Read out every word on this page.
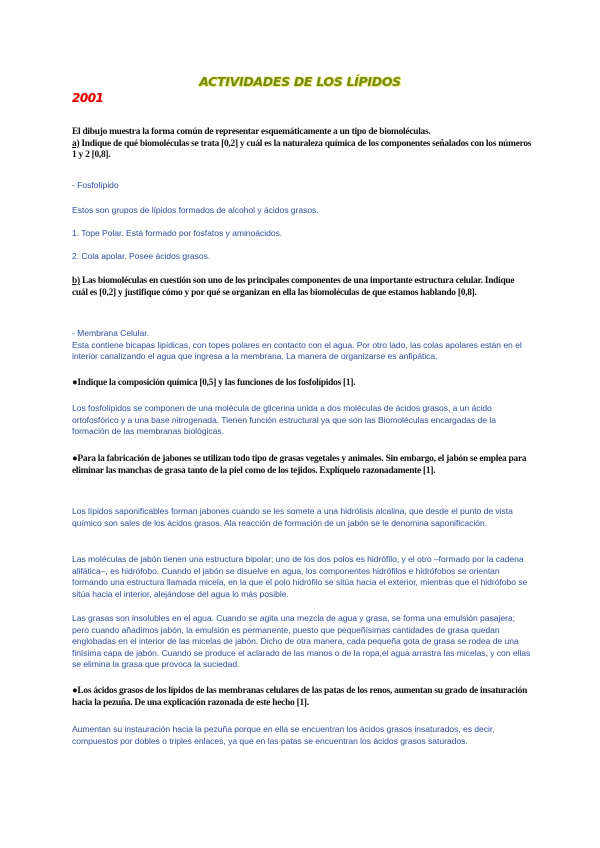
ACTIVIDADES DE LOS LÍPIDOS
2001

El dibujo muestra la forma común de representar esquemáticamente a un tipo de biomoléculas.
a) Indique de qué biomoléculas se trata [0,2] y cuál es la naturaleza química de los componentes señalados con los números 1 y 2 [0,8].

- Fosfolípido

Estos son grupos de lípidos formados de alcohol y ácidos grasos.

1. Tope Polar. Está formado por fosfatos y aminoácidos.

2. Cola apolar. Posee ácidos grasos.

b) Las biomoléculas en cuestión son uno de los principales componentes de una importante estructura celular. Indique cuál es [0,2] y justifique cómo y por qué se organizan en ella las biomoléculas de que estamos hablando [0,8].

- Membrana Celular.
Esta contiene bicapas lipídicas, con topes polares en contacto con el agua. Por otro lado, las colas apolares están en el interior canalizando el agua que ingresa a la membrana. La manera de organizarse es anfipática.

●Indique la composición química [0,5] y las funciones de los fosfolípidos [1].

Los fosfolípidos se componen de una molécula de glicerina unida a dos moléculas de ácidos grasos, a un ácido ortofosfórico y a una base nitrogenada. Tienen función estructural ya que son las Biomoléculas encargadas de la formación de las membranas biológicas.

●Para la fabricación de jabones se utilizan todo tipo de grasas vegetales y animales. Sin embargo, el jabón se emplea para eliminar las manchas de grasa tanto de la piel como de los tejidos. Explíquelo razonadamente [1].

Los lípidos saponificables forman jabones cuando se les somete a una hidrólisis alcalina, que desde el punto de vista químico son sales de los ácidos grasos. Ala reacción de formación de un jabón se le denomina saponificación.

Las moléculas de jabón tienen una estructura bipolar; uno de los dos polos es hidrófilo, y el otro –formado por la cadena alifática–, es hidrófobo. Cuando el jabón se disuelve en agua, los componentes hidrófilos e hidrófobos se orientan formando una estructura llamada micela, en la que el polo hidrófilo se sitúa hacia el exterior, mientras que el hidrófobo se sitúa hacia el interior, alejándose del agua lo más posible.

Las grasas son insolubles en el agua. Cuando se agita una mezcla de agua y grasa, se forma una emulsión pasajera; pero cuando añadimos jabón, la emulsión es permanente, puesto que pequeñísimas cantidades de grasa quedan englobadas en el interior de las micelas de jabón. Dicho de otra manera, cada pequeña gota de grasa se rodea de una finísima capa de jabón. Cuando se produce el aclarado de las manos o de la ropa,el agua arrastra las micelas, y con ellas se elimina la grasa que provoca la suciedad.

●Los ácidos grasos de los lípidos de las membranas celulares de las patas de los renos, aumentan su grado de insaturación hacia la pezuña. De una explicación razonada de este hecho [1].

Aumentan su instauración hacia la pezuña porque en ella se encuentran los ácidos grasos insaturados, es decir, compuestos por dobles o triples enlaces, ya que en las patas se encuentran los ácidos grasos saturados.
